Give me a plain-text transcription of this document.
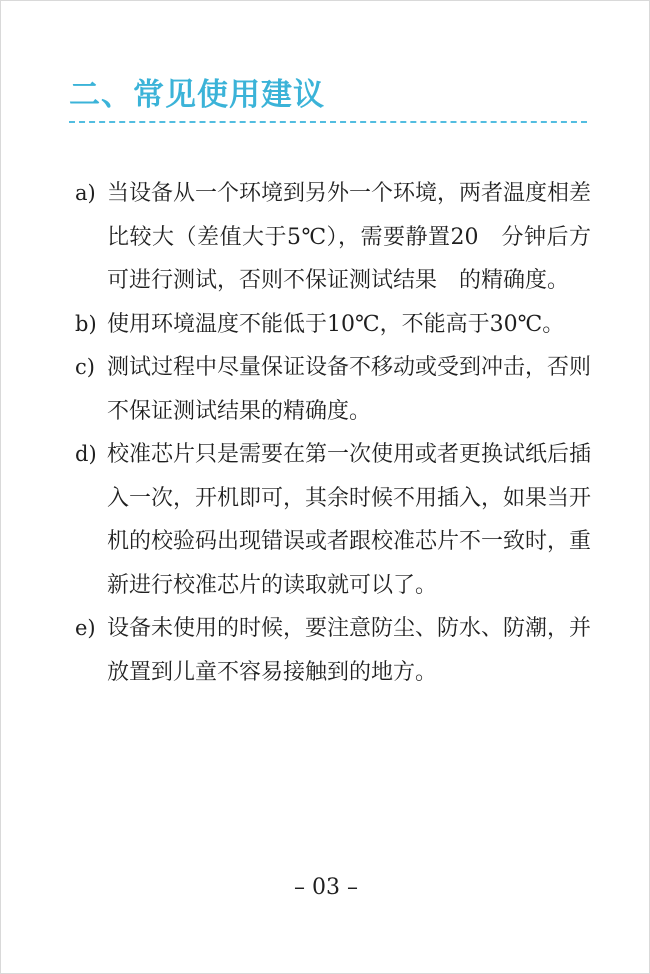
二、常见使用建议
a) 当设备从一个环境到另外一个环境，两者温度相差比较大（差值大于5℃），需要静置20　分钟后方可进行测试，否则不保证测试结果　的精确度。

b) 使用环境温度不能低于10℃，不能高于30℃。

c) 测试过程中尽量保证设备不移动或受到冲击，否则不保证测试结果的精确度。

d) 校准芯片只是需要在第一次使用或者更换试纸后插入一次，开机即可，其余时候不用插入，如果当开机的校验码出现错误或者跟校准芯片不一致时，重新进行校准芯片的读取就可以了。

e) 设备未使用的时候，要注意防尘、防水、防潮，并放置到儿童不容易接触到的地方。

– 03 –
